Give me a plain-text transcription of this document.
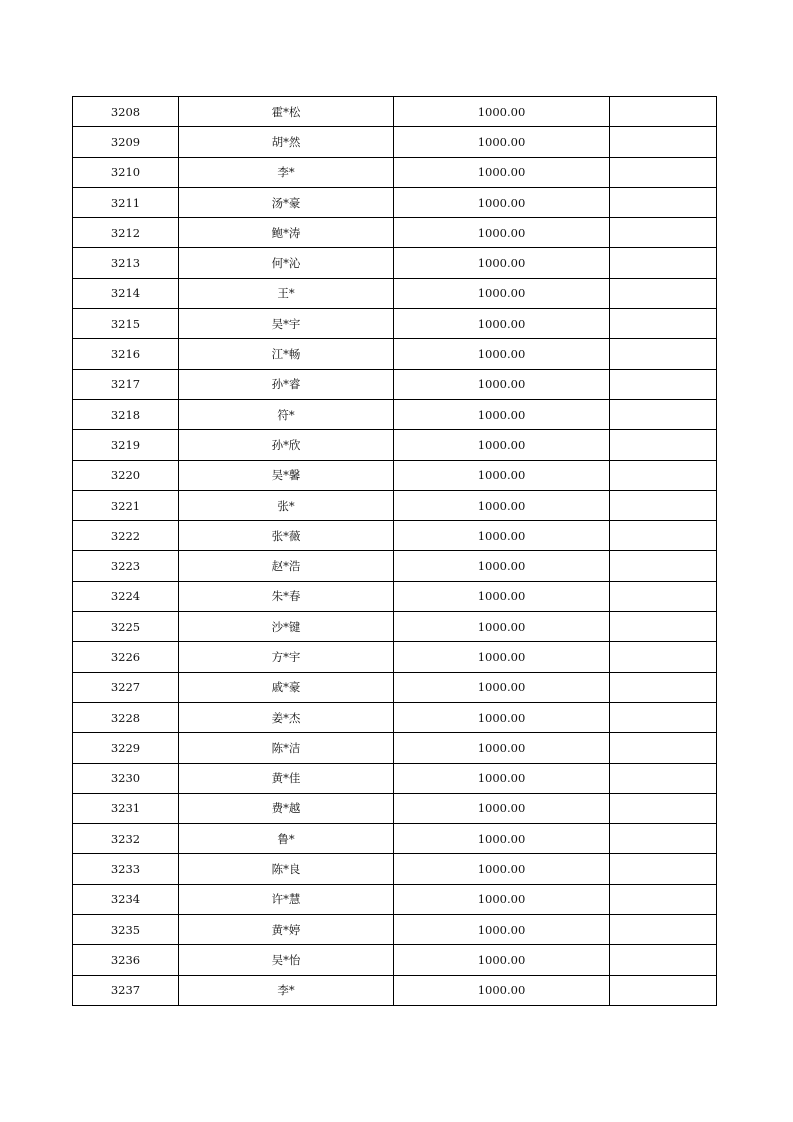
3208	霍*松	1000.00	
3209	胡*然	1000.00	
3210	李*	1000.00	
3211	汤*豪	1000.00	
3212	鲍*涛	1000.00	
3213	何*沁	1000.00	
3214	王*	1000.00	
3215	吴*宇	1000.00	
3216	江*畅	1000.00	
3217	孙*睿	1000.00	
3218	符*	1000.00	
3219	孙*欣	1000.00	
3220	吴*馨	1000.00	
3221	张*	1000.00	
3222	张*薇	1000.00	
3223	赵*浩	1000.00	
3224	朱*春	1000.00	
3225	沙*键	1000.00	
3226	方*宇	1000.00	
3227	戚*豪	1000.00	
3228	姜*杰	1000.00	
3229	陈*洁	1000.00	
3230	黄*佳	1000.00	
3231	费*越	1000.00	
3232	鲁*	1000.00	
3233	陈*良	1000.00	
3234	许*慧	1000.00	
3235	黄*婷	1000.00	
3236	吴*怡	1000.00	
3237	李*	1000.00	
